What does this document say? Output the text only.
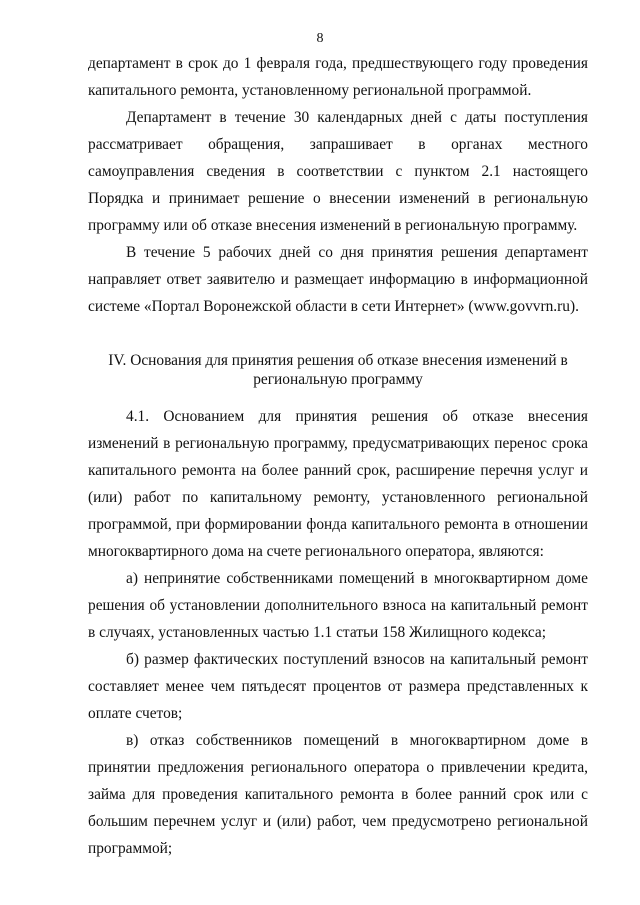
8

департамент в срок до 1 февраля года, предшествующего году проведения капитального ремонта, установленному региональной программой.

Департамент в течение 30 календарных дней с даты поступления рассматривает обращения, запрашивает в органах местного самоуправления сведения в соответствии с пунктом 2.1 настоящего Порядка и принимает решение о внесении изменений в региональную программу или об отказе внесения изменений в региональную программу.

В течение 5 рабочих дней со дня принятия решения департамент направляет ответ заявителю и размещает информацию в информационной системе «Портал Воронежской области в сети Интернет» (www.govvrn.ru).

IV. Основания для принятия решения об отказе внесения изменений в региональную программу

4.1. Основанием для принятия решения об отказе внесения изменений в региональную программу, предусматривающих перенос срока капитального ремонта на более ранний срок, расширение перечня услуг и (или) работ по капитальному ремонту, установленного региональной программой, при формировании фонда капитального ремонта в отношении многоквартирного дома на счете регионального оператора, являются:

а) непринятие собственниками помещений в многоквартирном доме решения об установлении дополнительного взноса на капитальный ремонт в случаях, установленных частью 1.1 статьи 158 Жилищного кодекса;

б) размер фактических поступлений взносов на капитальный ремонт составляет менее чем пятьдесят процентов от размера представленных к оплате счетов;

в) отказ собственников помещений в многоквартирном доме в принятии предложения регионального оператора о привлечении кредита, займа для проведения капитального ремонта в более ранний срок или с большим перечнем услуг и (или) работ, чем предусмотрено региональной программой;
